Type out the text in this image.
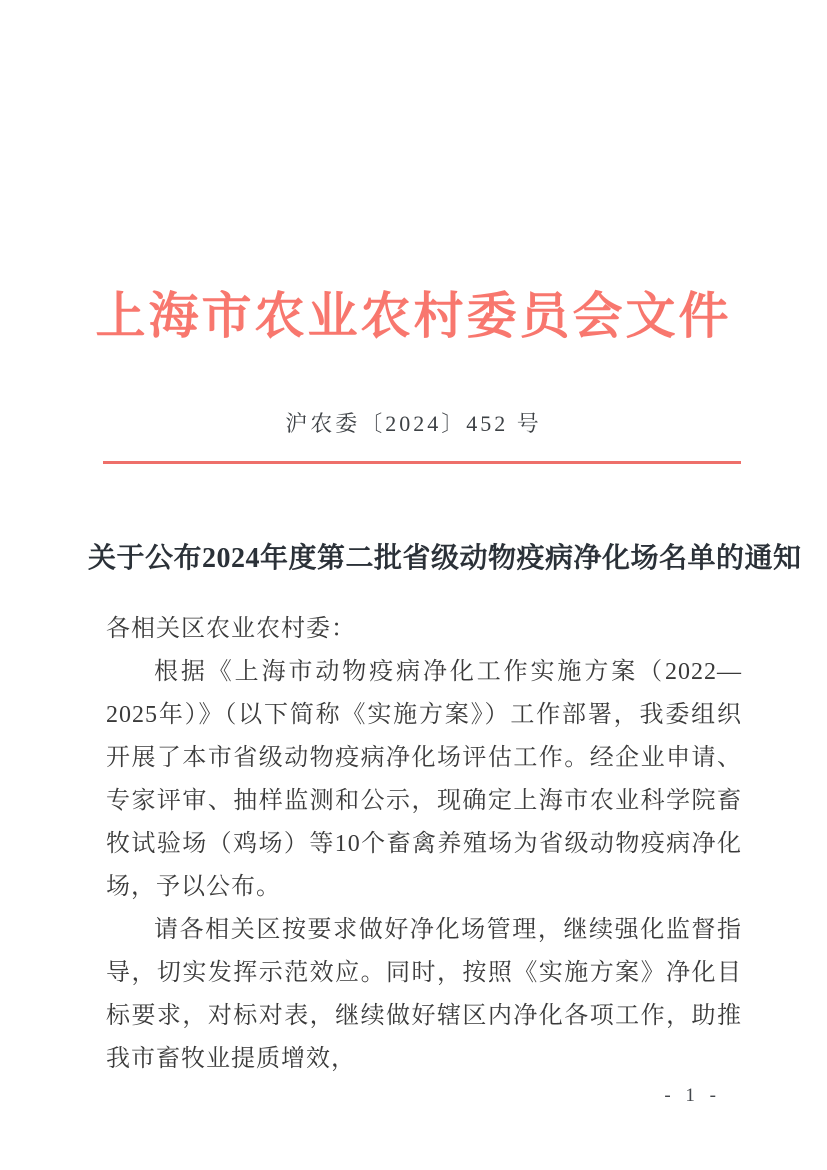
上海市农业农村委员会文件
沪农委〔2024〕452 号
关于公布2024年度第二批省级动物疫病净化场名单的通知

各相关区农业农村委：

根据《上海市动物疫病净化工作实施方案（2022—2025年）》（以下简称《实施方案》）工作部署，我委组织开展了本市省级动物疫病净化场评估工作。经企业申请、专家评审、抽样监测和公示，现确定上海市农业科学院畜牧试验场（鸡场）等10个畜禽养殖场为省级动物疫病净化场，予以公布。

请各相关区按要求做好净化场管理，继续强化监督指导，切实发挥示范效应。同时，按照《实施方案》净化目标要求，对标对表，继续做好辖区内净化各项工作，助推我市畜牧业提质增效，

- 1 -
